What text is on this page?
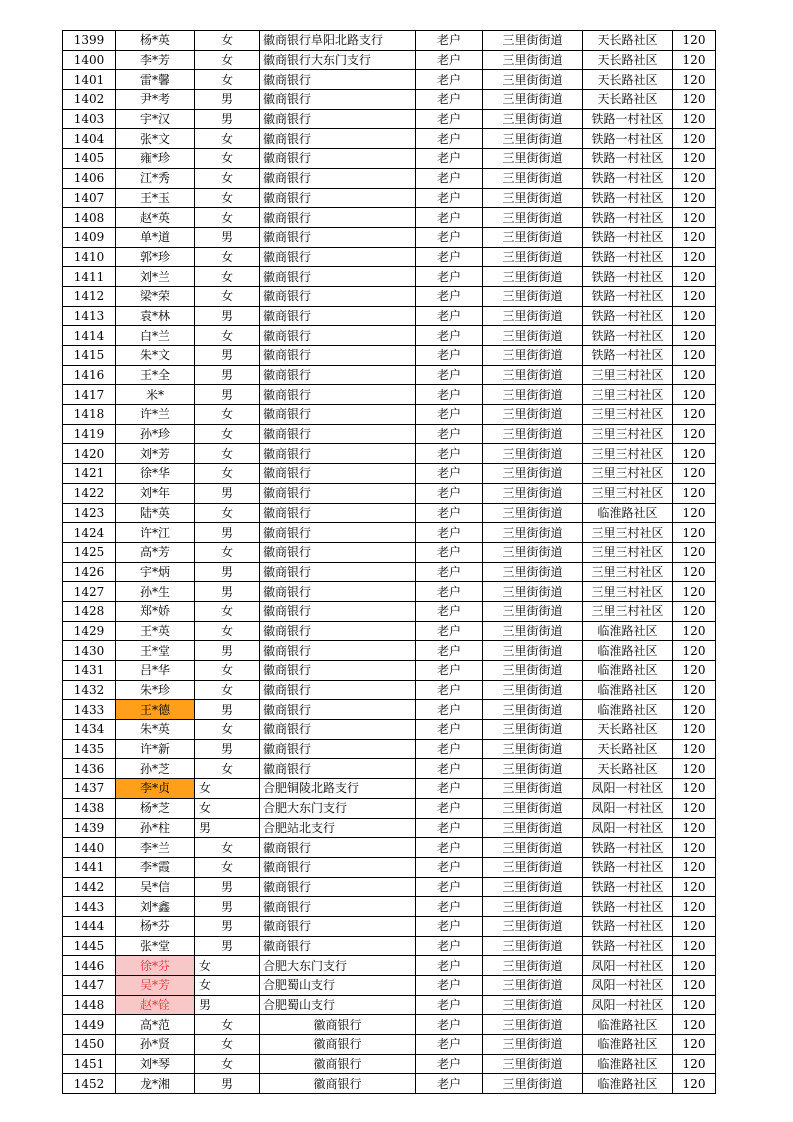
1399	杨*英	女	徽商银行阜阳北路支行	老户	三里街街道	天长路社区	120
1400	李*芳	女	徽商银行大东门支行	老户	三里街街道	天长路社区	120
1401	雷*馨	女	徽商银行	老户	三里街街道	天长路社区	120
1402	尹*考	男	徽商银行	老户	三里街街道	天长路社区	120
1403	宇*汉	男	徽商银行	老户	三里街街道	铁路一村社区	120
1404	张*文	女	徽商银行	老户	三里街街道	铁路一村社区	120
1405	雍*珍	女	徽商银行	老户	三里街街道	铁路一村社区	120
1406	江*秀	女	徽商银行	老户	三里街街道	铁路一村社区	120
1407	王*玉	女	徽商银行	老户	三里街街道	铁路一村社区	120
1408	赵*英	女	徽商银行	老户	三里街街道	铁路一村社区	120
1409	单*道	男	徽商银行	老户	三里街街道	铁路一村社区	120
1410	郭*珍	女	徽商银行	老户	三里街街道	铁路一村社区	120
1411	刘*兰	女	徽商银行	老户	三里街街道	铁路一村社区	120
1412	梁*荣	女	徽商银行	老户	三里街街道	铁路一村社区	120
1413	袁*林	男	徽商银行	老户	三里街街道	铁路一村社区	120
1414	白*兰	女	徽商银行	老户	三里街街道	铁路一村社区	120
1415	朱*文	男	徽商银行	老户	三里街街道	铁路一村社区	120
1416	王*全	男	徽商银行	老户	三里街街道	三里三村社区	120
1417	米*	男	徽商银行	老户	三里街街道	三里三村社区	120
1418	许*兰	女	徽商银行	老户	三里街街道	三里三村社区	120
1419	孙*珍	女	徽商银行	老户	三里街街道	三里三村社区	120
1420	刘*芳	女	徽商银行	老户	三里街街道	三里三村社区	120
1421	徐*华	女	徽商银行	老户	三里街街道	三里三村社区	120
1422	刘*年	男	徽商银行	老户	三里街街道	三里三村社区	120
1423	陆*英	女	徽商银行	老户	三里街街道	临淮路社区	120
1424	许*江	男	徽商银行	老户	三里街街道	三里三村社区	120
1425	高*芳	女	徽商银行	老户	三里街街道	三里三村社区	120
1426	宇*炳	男	徽商银行	老户	三里街街道	三里三村社区	120
1427	孙*生	男	徽商银行	老户	三里街街道	三里三村社区	120
1428	郑*娇	女	徽商银行	老户	三里街街道	三里三村社区	120
1429	王*英	女	徽商银行	老户	三里街街道	临淮路社区	120
1430	王*堂	男	徽商银行	老户	三里街街道	临淮路社区	120
1431	吕*华	女	徽商银行	老户	三里街街道	临淮路社区	120
1432	朱*珍	女	徽商银行	老户	三里街街道	临淮路社区	120
1433	王*德	男	徽商银行	老户	三里街街道	临淮路社区	120
1434	朱*英	女	徽商银行	老户	三里街街道	天长路社区	120
1435	许*新	男	徽商银行	老户	三里街街道	天长路社区	120
1436	孙*芝	女	徽商银行	老户	三里街街道	天长路社区	120
1437	李*贞	女	合肥铜陵北路支行	老户	三里街街道	凤阳一村社区	120
1438	杨*芝	女	合肥大东门支行	老户	三里街街道	凤阳一村社区	120
1439	孙*柱	男	合肥站北支行	老户	三里街街道	凤阳一村社区	120
1440	李*兰	女	徽商银行	老户	三里街街道	铁路一村社区	120
1441	李*霞	女	徽商银行	老户	三里街街道	铁路一村社区	120
1442	吴*信	男	徽商银行	老户	三里街街道	铁路一村社区	120
1443	刘*鑫	男	徽商银行	老户	三里街街道	铁路一村社区	120
1444	杨*芬	男	徽商银行	老户	三里街街道	铁路一村社区	120
1445	张*堂	男	徽商银行	老户	三里街街道	铁路一村社区	120
1446	徐*芬	女	合肥大东门支行	老户	三里街街道	凤阳一村社区	120
1447	吴*芳	女	合肥蜀山支行	老户	三里街街道	凤阳一村社区	120
1448	赵*铨	男	合肥蜀山支行	老户	三里街街道	凤阳一村社区	120
1449	高*范	女	徽商银行	老户	三里街街道	临淮路社区	120
1450	孙*贤	女	徽商银行	老户	三里街街道	临淮路社区	120
1451	刘*琴	女	徽商银行	老户	三里街街道	临淮路社区	120
1452	龙*湘	男	徽商银行	老户	三里街街道	临淮路社区	120
